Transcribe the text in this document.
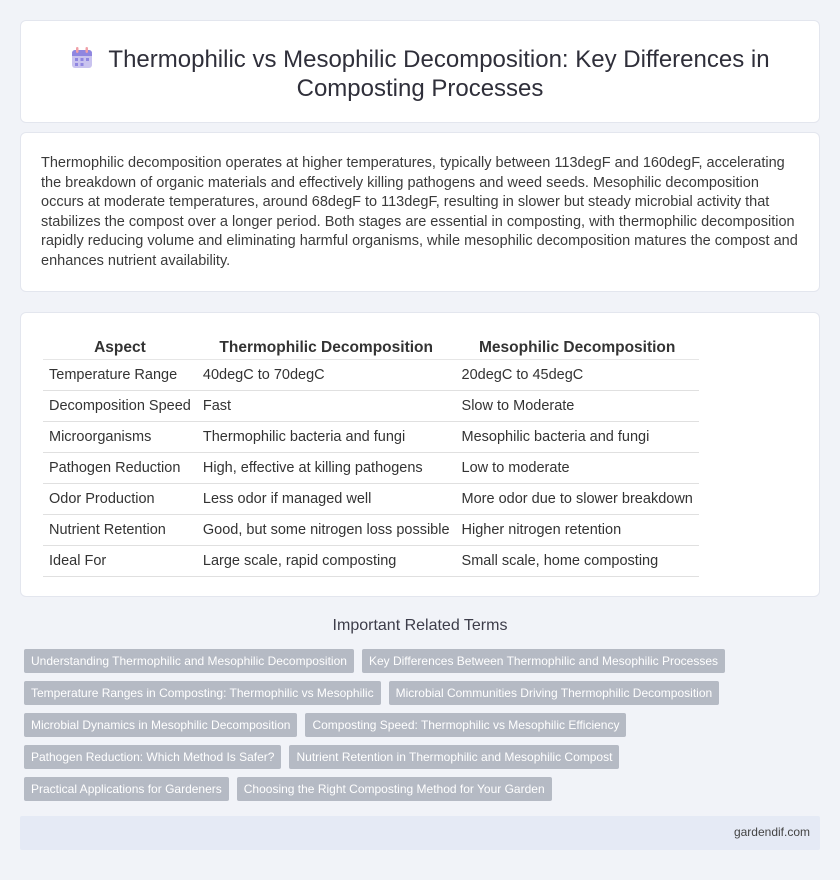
Thermophilic vs Mesophilic Decomposition: Key Differences in Composting Processes
Thermophilic decomposition operates at higher temperatures, typically between 113degF and 160degF, accelerating the breakdown of organic materials and effectively killing pathogens and weed seeds. Mesophilic decomposition occurs at moderate temperatures, around 68degF to 113degF, resulting in slower but steady microbial activity that stabilizes the compost over a longer period. Both stages are essential in composting, with thermophilic decomposition rapidly reducing volume and eliminating harmful organisms, while mesophilic decomposition matures the compost and enhances nutrient availability.
Aspect	Thermophilic Decomposition	Mesophilic Decomposition
Temperature Range	40degC to 70degC	20degC to 45degC
Decomposition Speed	Fast	Slow to Moderate
Microorganisms	Thermophilic bacteria and fungi	Mesophilic bacteria and fungi
Pathogen Reduction	High, effective at killing pathogens	Low to moderate
Odor Production	Less odor if managed well	More odor due to slower breakdown
Nutrient Retention	Good, but some nitrogen loss possible	Higher nitrogen retention
Ideal For	Large scale, rapid composting	Small scale, home composting
Important Related Terms
Understanding Thermophilic and Mesophilic Decomposition	Key Differences Between Thermophilic and Mesophilic Processes
Temperature Ranges in Composting: Thermophilic vs Mesophilic	Microbial Communities Driving Thermophilic Decomposition
Microbial Dynamics in Mesophilic Decomposition	Composting Speed: Thermophilic vs Mesophilic Efficiency
Pathogen Reduction: Which Method Is Safer?	Nutrient Retention in Thermophilic and Mesophilic Compost
Practical Applications for Gardeners	Choosing the Right Composting Method for Your Garden
gardendif.com
